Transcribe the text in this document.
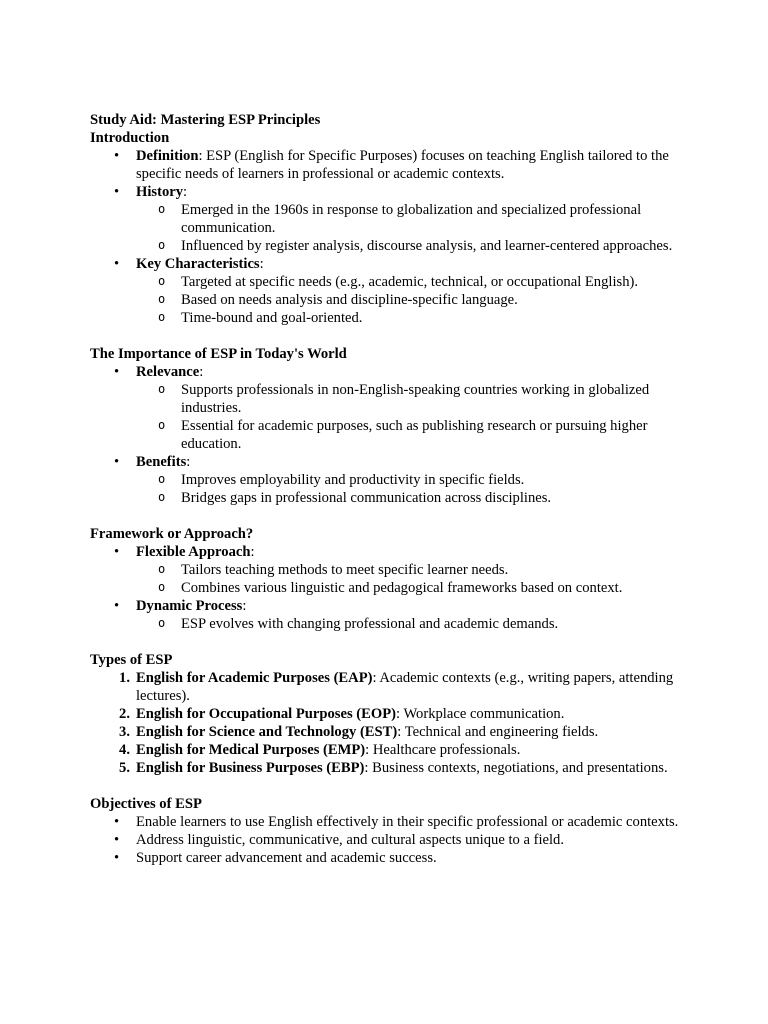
Study Aid: Mastering ESP Principles

Introduction

• Definition: ESP (English for Specific Purposes) focuses on teaching English tailored to the specific needs of learners in professional or academic contexts.
• History:
o Emerged in the 1960s in response to globalization and specialized professional communication.
o Influenced by register analysis, discourse analysis, and learner-centered approaches.
• Key Characteristics:
o Targeted at specific needs (e.g., academic, technical, or occupational English).
o Based on needs analysis and discipline-specific language.
o Time-bound and goal-oriented.

The Importance of ESP in Today's World

• Relevance:
o Supports professionals in non-English-speaking countries working in globalized industries.
o Essential for academic purposes, such as publishing research or pursuing higher education.
• Benefits:
o Improves employability and productivity in specific fields.
o Bridges gaps in professional communication across disciplines.

Framework or Approach?

• Flexible Approach:
o Tailors teaching methods to meet specific learner needs.
o Combines various linguistic and pedagogical frameworks based on context.
• Dynamic Process:
o ESP evolves with changing professional and academic demands.

Types of ESP

1. English for Academic Purposes (EAP): Academic contexts (e.g., writing papers, attending lectures).
2. English for Occupational Purposes (EOP): Workplace communication.
3. English for Science and Technology (EST): Technical and engineering fields.
4. English for Medical Purposes (EMP): Healthcare professionals.
5. English for Business Purposes (EBP): Business contexts, negotiations, and presentations.

Objectives of ESP

• Enable learners to use English effectively in their specific professional or academic contexts.
• Address linguistic, communicative, and cultural aspects unique to a field.
• Support career advancement and academic success.
